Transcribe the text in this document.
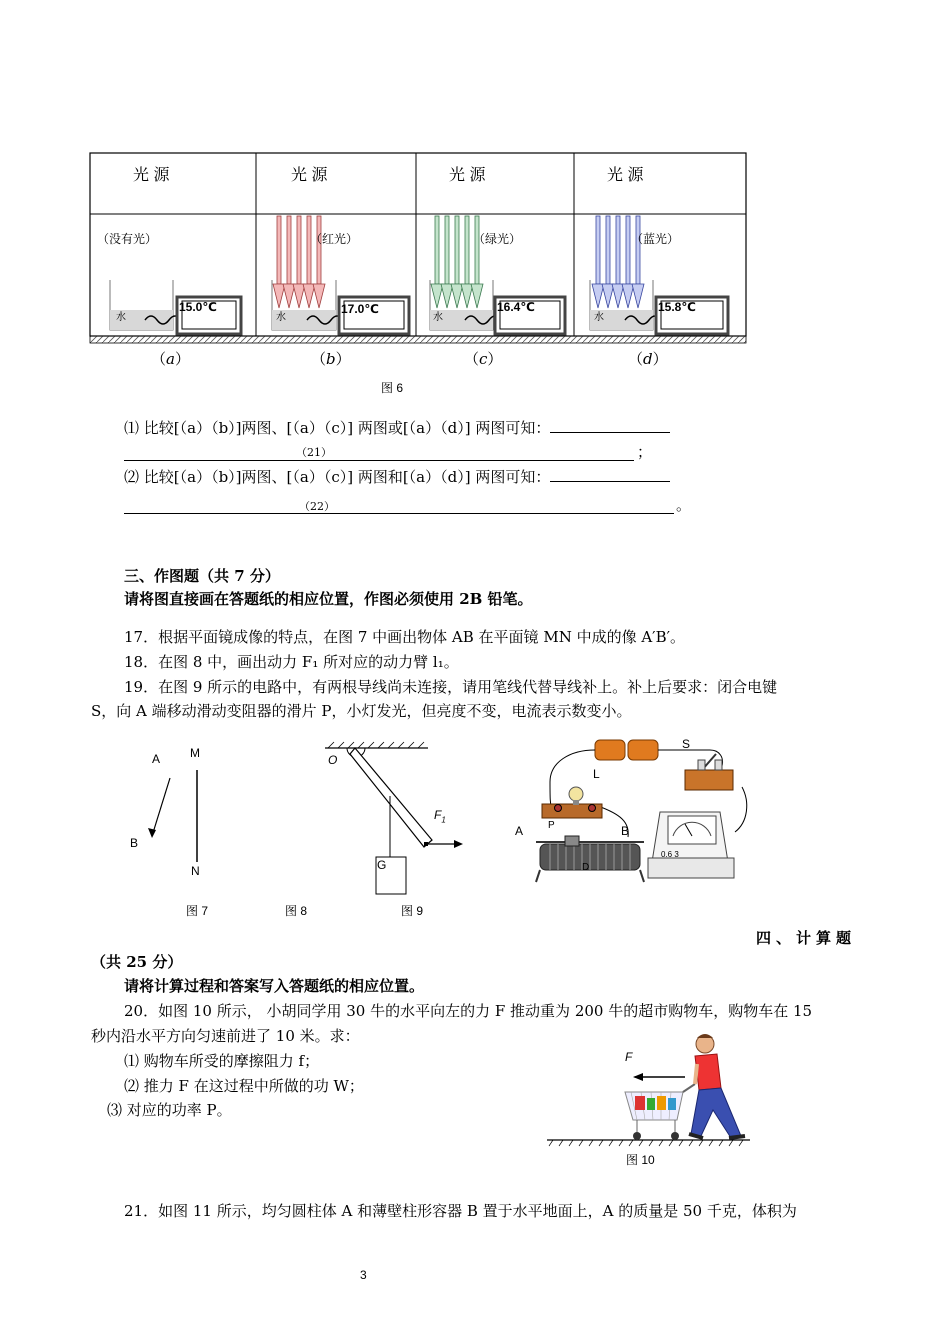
光 源	光 源	光 源	光 源
（没有光）	（红光）	（绿光）	（蓝光）
15.0℃	17.0℃	16.4℃	15.8℃
水	水	水	水
（a）	（b）	（c）	（d）
图 6
⑴ 比较[（a）（b）]两图、[（a）（c）] 两图或[（a）（d）] 两图可知：
（21）	；
⑵ 比较[（a）（b）]两图、[（a）（c）] 两图和[（a）（d）] 两图可知：
（22）	。
三、作图题（共 7 分）
请将图直接画在答题纸的相应位置，作图必须使用 2B 铅笔。
17．根据平面镜成像的特点，在图 7 中画出物体 AB 在平面镜 MN 中成的像 A′B′。
18．在图 8 中，画出动力 F₁ 所对应的动力臂 l₁。
19．在图 9 所示的电路中，有两根导线尚未连接，请用笔线代替导线补上。补上后要求：闭合电键
S，向 A 端移动滑动变阻器的滑片 P，小灯发光，但亮度不变，电流表示数变小。
A
B
M
N
图 7
O
$F_1$
G
图 8
S
L
A P	B
D
0.6 3
图 9
四、计算题
（共 25 分）
请将计算过程和答案写入答题纸的相应位置。
20．如图 10 所示， 小胡同学用 30 牛的水平向左的力 F 推动重为 200 牛的超市购物车，购物车在 15
秒内沿水平方向匀速前进了 10 米。求：
⑴ 购物车所受的摩擦阻力 f；
⑵ 推力 F 在这过程中所做的功 W；
⑶ 对应的功率 P。
F
图 10
21．如图 11 所示，均匀圆柱体 A 和薄壁柱形容器 B 置于水平地面上，A 的质量是 50 千克，体积为
3
